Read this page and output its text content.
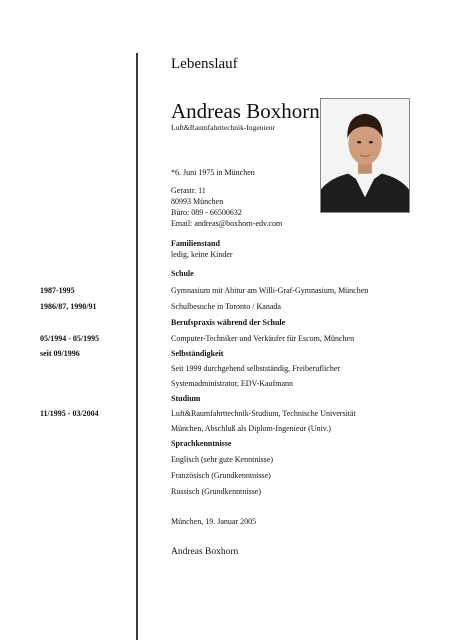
Lebenslauf
Andreas Boxhorn
Luft&Raumfahrttechnik-Ingenieur
*6. Juni 1975 in München
Gerastr. 11
80993 München
Büro: 089 - 66500632
Email: andreas@boxhorn-edv.com
Familienstand
ledig, keine Kinder
Schule
1987-1995	Gymnasium mit Abitur am Willi-Graf-Gymnasium, München
1986/87, 1990/91	Schulbesuche in Toronto / Kanada
Berufspraxis während der Schule
05/1994 - 05/1995	Computer-Techniker und Verkäufer für Escom, München
seit 09/1996	Selbständigkeit
Seit 1999 durchgehend selbstständig, Freiberuflicher
Systemadministrator, EDV-Kaufmann
Studium
11/1995 - 03/2004	Luft&Raumfahrttechnik-Studium, Technische Universität
München, Abschluß als Diplom-Ingenieur (Univ.)
Sprachkenntnisse
Englisch (sehr gute Kenntnisse)
Französisch (Grundkenntnisse)
Russisch (Grundkenntnisse)
München, 19. Januar 2005
Andreas Boxhorn
